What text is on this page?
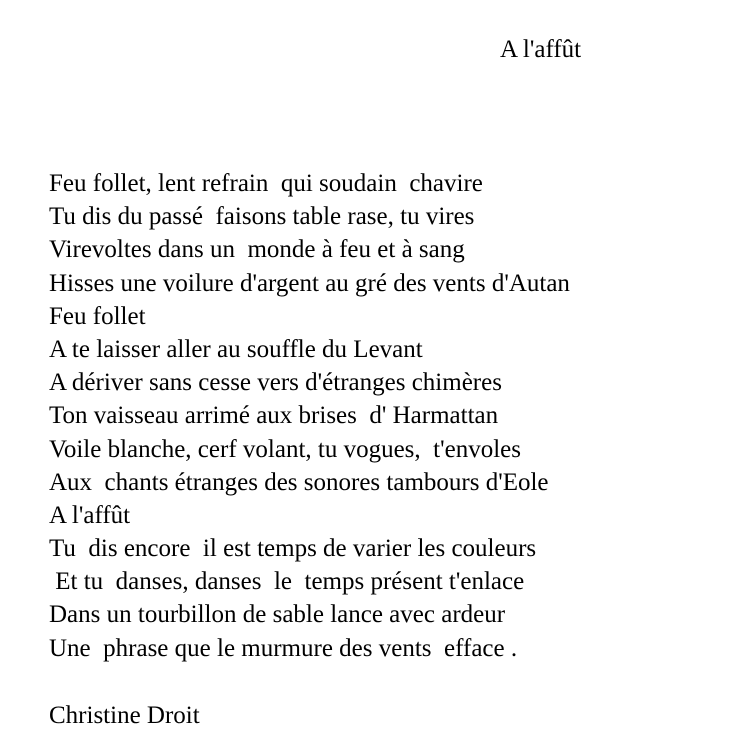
A l'affût
Feu follet, lent refrain  qui soudain  chavire
Tu dis du passé  faisons table rase, tu vires
Virevoltes dans un  monde à feu et à sang
Hisses une voilure d'argent au gré des vents d'Autan
Feu follet
A te laisser aller au souffle du Levant
A dériver sans cesse vers d'étranges chimères
Ton vaisseau arrimé aux brises  d' Harmattan
Voile blanche, cerf volant, tu vogues,  t'envoles
Aux  chants étranges des sonores tambours d'Eole
A l'affût
Tu  dis encore  il est temps de varier les couleurs
Et tu  danses, danses  le  temps présent t'enlace
Dans un tourbillon de sable lance avec ardeur
Une  phrase que le murmure des vents  efface .
Christine Droit
